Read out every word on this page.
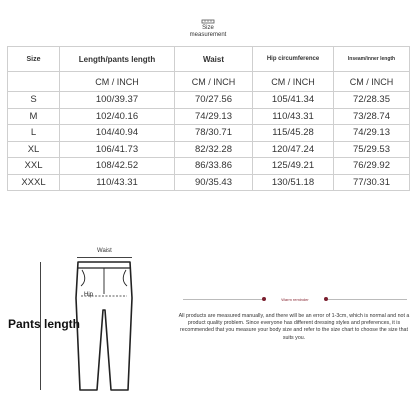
Size
measurement
Size	Length/pants length	Waist	Hip circumference	Inseam/inner length
	CM / INCH	CM / INCH	CM / INCH	CM / INCH
S	100/39.37	70/27.56	105/41.34	72/28.35
M	102/40.16	74/29.13	110/43.31	73/28.74
L	104/40.94	78/30.71	115/45.28	74/29.13
XL	106/41.73	82/32.28	120/47.24	75/29.53
XXL	108/42.52	86/33.86	125/49.21	76/29.92
XXXL	110/43.31	90/35.43	130/51.18	77/30.31
Waist
Pants length
Hip
Warm reminder
All products are measured manually, and there will be an error of 1-3cm, which is normal and not a product quality problem. Since everyone has different dressing styles and preferences, it is recommended that you measure your body size and refer to the size chart to choose the size that suits you.
